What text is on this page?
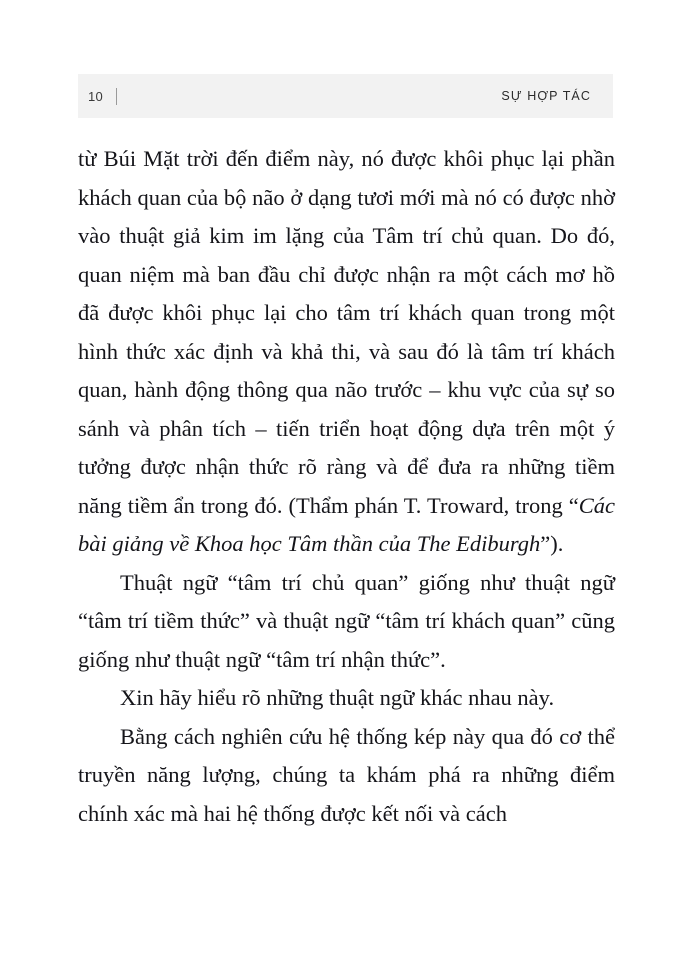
10	SỰ HỢP TÁC

từ Búi Mặt trời đến điểm này, nó được khôi phục lại phần khách quan của bộ não ở dạng tươi mới mà nó có được nhờ vào thuật giả kim im lặng của Tâm trí chủ quan. Do đó, quan niệm mà ban đầu chỉ được nhận ra một cách mơ hồ đã được khôi phục lại cho tâm trí khách quan trong một hình thức xác định và khả thi, và sau đó là tâm trí khách quan, hành động thông qua não trước – khu vực của sự so sánh và phân tích – tiến triển hoạt động dựa trên một ý tưởng được nhận thức rõ ràng và để đưa ra những tiềm năng tiềm ẩn trong đó. (Thẩm phán T. Troward, trong “Các bài giảng về Khoa học Tâm thần của The Ediburgh”).

Thuật ngữ “tâm trí chủ quan” giống như thuật ngữ “tâm trí tiềm thức” và thuật ngữ “tâm trí khách quan” cũng giống như thuật ngữ “tâm trí nhận thức”.

Xin hãy hiểu rõ những thuật ngữ khác nhau này.

Bằng cách nghiên cứu hệ thống kép này qua đó cơ thể truyền năng lượng, chúng ta khám phá ra những điểm chính xác mà hai hệ thống được kết nối và cách
